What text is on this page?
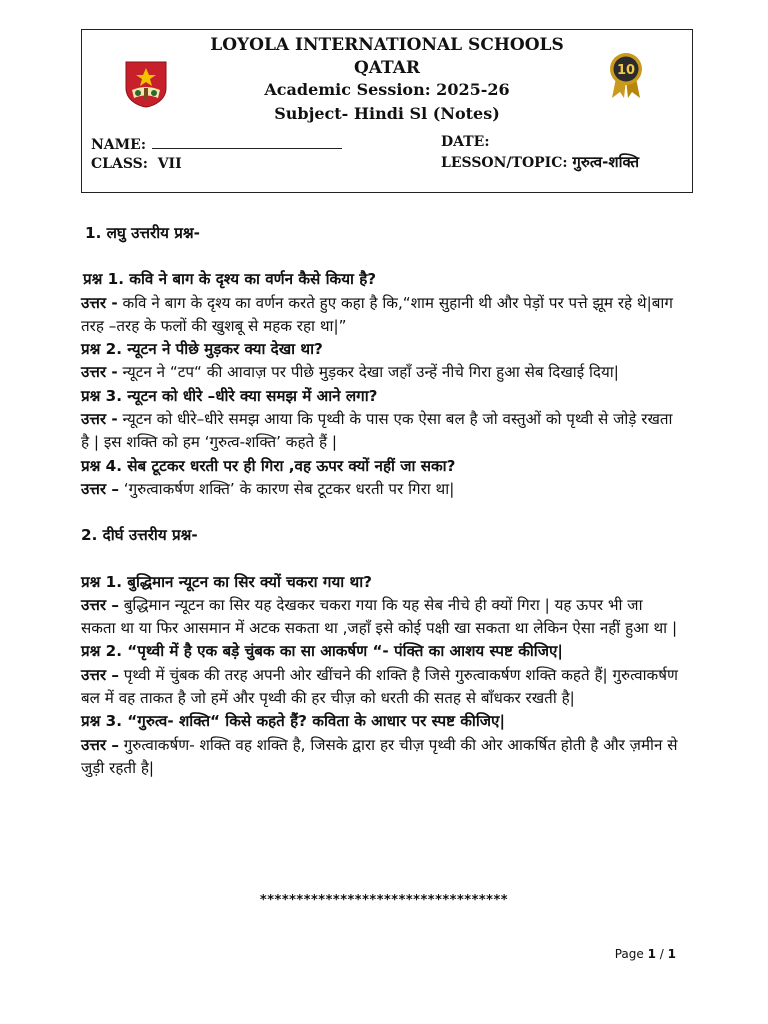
LOYOLA INTERNATIONAL SCHOOLS
QATAR
Academic Session: 2025-26
Subject- Hindi Sl (Notes)
10
NAME:
CLASS: VII
DATE:
LESSON/TOPIC: गुरुत्व-शक्ति

1. लघु उत्तरीय प्रश्न-

प्रश्न 1. कवि ने बाग के दृश्य का वर्णन कैसे किया है?

उत्तर - कवि ने बाग के दृश्य का वर्णन करते हुए कहा है कि,“शाम सुहानी थी और पेड़ों पर पत्ते झूम रहे थे|बाग तरह –तरह के फलों की खुशबू से महक रहा था|”

प्रश्न 2. न्यूटन ने पीछे मुड़कर क्या देखा था?

उत्तर - न्यूटन ने “टप“ की आवाज़ पर पीछे मुड़कर देखा जहाँ उन्हें नीचे गिरा हुआ सेब दिखाई दिया|

प्रश्न 3. न्यूटन को धीरे –धीरे क्या समझ में आने लगा?

उत्तर - न्यूटन को धीरे–धीरे समझ आया कि पृथ्वी के पास एक ऐसा बल है जो वस्तुओं को पृथ्वी से जोड़े रखता है | इस शक्ति को हम ‘गुरुत्व-शक्ति’ कहते हैं |

प्रश्न 4. सेब टूटकर धरती पर ही गिरा ,वह ऊपर क्यों नहीं जा सका?

उत्तर – ‘गुरुत्वाकर्षण शक्ति’ के कारण सेब टूटकर धरती पर गिरा था|

2. दीर्घ उत्तरीय प्रश्न-

प्रश्न 1. बुद्धिमान न्यूटन का सिर क्यों चकरा गया था?

उत्तर – बुद्धिमान न्यूटन का सिर यह देखकर चकरा गया कि यह सेब नीचे ही क्यों गिरा | यह ऊपर भी जा सकता था या फिर आसमान में अटक सकता था ,जहाँ इसे कोई पक्षी खा सकता था लेकिन ऐसा नहीं हुआ था |

प्रश्न 2. “पृथ्वी में है एक बड़े चुंबक का सा आकर्षण “- पंक्ति का आशय स्पष्ट कीजिए|

उत्तर – पृथ्वी में चुंबक की तरह अपनी ओर खींचने की शक्ति है जिसे गुरुत्वाकर्षण शक्ति कहते हैं| गुरुत्वाकर्षण बल में वह ताकत है जो हमें और पृथ्वी की हर चीज़ को धरती की सतह से बाँधकर रखती है|

प्रश्न 3. “गुरुत्व- शक्ति“ किसे कहते हैं? कविता के आधार पर स्पष्ट कीजिए|

उत्तर – गुरुत्वाकर्षण- शक्ति वह शक्ति है, जिसके द्वारा हर चीज़ पृथ्वी की ओर आकर्षित होती है और ज़मीन से जुड़ी रहती है|

**********************************
Page 1 / 1
